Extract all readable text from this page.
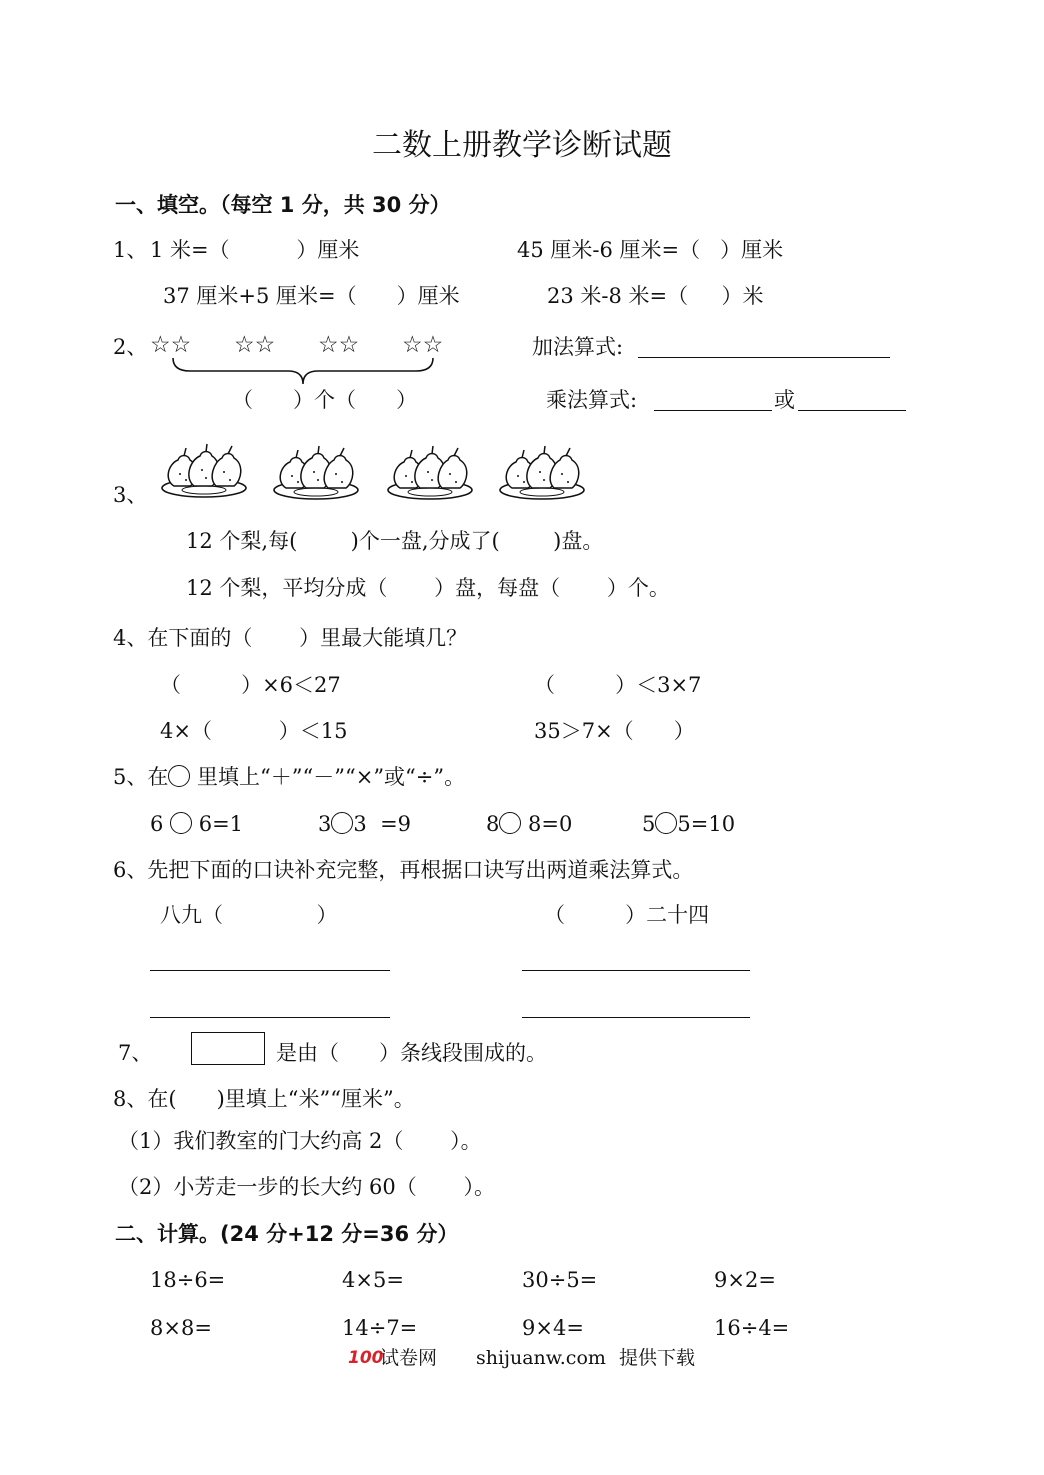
二数上册教学诊断试题
一、填空。（每空 1 分，共 30 分）
1、 1 米=（          ）厘米	45 厘米-6 厘米=（   ）厘米
37 厘米+5 厘米=（      ）厘米	23 米-8 米=（     ）米
2、 ☆☆ ☆☆ ☆☆ ☆☆
（      ）个（      ）
加法算式:
乘法算式:	或
3、
12 个梨,每(        )个一盘,分成了(        )盘。
12 个梨，平均分成（       ）盘，每盘（       ）个。
4、在下面的（       ）里最大能填几？
（         ）×6＜27	（         ）＜3×7
4×（          ）＜15	35＞7×（      ）
5、在 里填上“＋”“－”“×”或“÷”。
6  6=1	3 3  =9	8 8=0	5 5=10
6、先把下面的口诀补充完整，再根据口诀写出两道乘法算式。
八九（              ）	（         ）二十四
7、	是由（      ）条线段围成的。
8、在(      )里填上“米”“厘米”。
（1）我们教室的门大约高 2（       ）。
（2）小芳走一步的长大约 60（       ）。
二、计算。(24 分+12 分=36 分）
18÷6=	4×5=	30÷5=	9×2=
8×8=	14÷7=	9×4=	16÷4=
100
试卷网 shijuanw.com 提供下载
